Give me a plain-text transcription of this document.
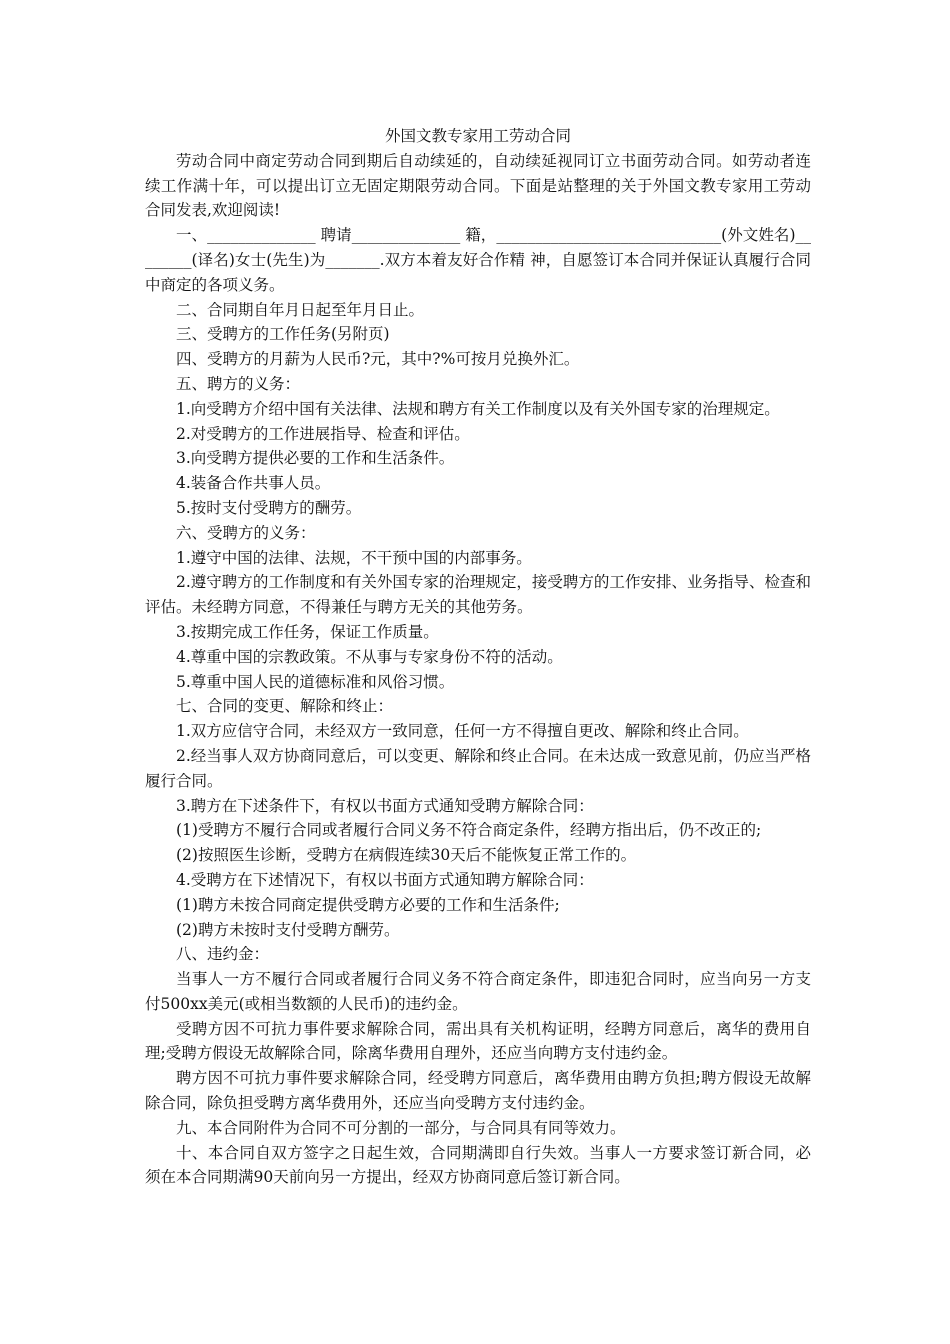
外国文教专家用工劳动合同

劳动合同中商定劳动合同到期后自动续延的，自动续延视同订立书面劳动合同。如劳动者连续工作满十年，可以提出订立无固定期限劳动合同。下面是站整理的关于外国文教专家用工劳动合同发表,欢迎阅读!

一、______________ 聘请______________ 籍，_____________________________(外文姓名)________(译名)女士(先生)为_______.双方本着友好合作精 神，自愿签订本合同并保证认真履行合同中商定的各项义务。

二、合同期自年月日起至年月日止。

三、受聘方的工作任务(另附页)

四、受聘方的月薪为人民币?元，其中?%可按月兑换外汇。

五、聘方的义务：

1.向受聘方介绍中国有关法律、法规和聘方有关工作制度以及有关外国专家的治理规定。

2.对受聘方的工作进展指导、检查和评估。

3.向受聘方提供必要的工作和生活条件。

4.装备合作共事人员。

5.按时支付受聘方的酬劳。

六、受聘方的义务：

1.遵守中国的法律、法规，不干预中国的内部事务。

2.遵守聘方的工作制度和有关外国专家的治理规定，接受聘方的工作安排、业务指导、检查和评估。未经聘方同意，不得兼任与聘方无关的其他劳务。

3.按期完成工作任务，保证工作质量。

4.尊重中国的宗教政策。不从事与专家身份不符的活动。

5.尊重中国人民的道德标准和风俗习惯。

七、合同的变更、解除和终止：

1.双方应信守合同，未经双方一致同意，任何一方不得擅自更改、解除和终止合同。

2.经当事人双方协商同意后，可以变更、解除和终止合同。在未达成一致意见前，仍应当严格履行合同。

3.聘方在下述条件下，有权以书面方式通知受聘方解除合同：

(1)受聘方不履行合同或者履行合同义务不符合商定条件，经聘方指出后，仍不改正的;

(2)按照医生诊断，受聘方在病假连续30天后不能恢复正常工作的。

4.受聘方在下述情况下，有权以书面方式通知聘方解除合同：

(1)聘方未按合同商定提供受聘方必要的工作和生活条件;

(2)聘方未按时支付受聘方酬劳。

八、违约金：

当事人一方不履行合同或者履行合同义务不符合商定条件，即违犯合同时，应当向另一方支付500xx美元(或相当数额的人民币)的违约金。

受聘方因不可抗力事件要求解除合同，需出具有关机构证明，经聘方同意后，离华的费用自理;受聘方假设无故解除合同，除离华费用自理外，还应当向聘方支付违约金。

聘方因不可抗力事件要求解除合同，经受聘方同意后，离华费用由聘方负担;聘方假设无故解除合同，除负担受聘方离华费用外，还应当向受聘方支付违约金。

九、本合同附件为合同不可分割的一部分，与合同具有同等效力。

十、本合同自双方签字之日起生效，合同期满即自行失效。当事人一方要求签订新合同，必须在本合同期满90天前向另一方提出，经双方协商同意后签订新合同。
